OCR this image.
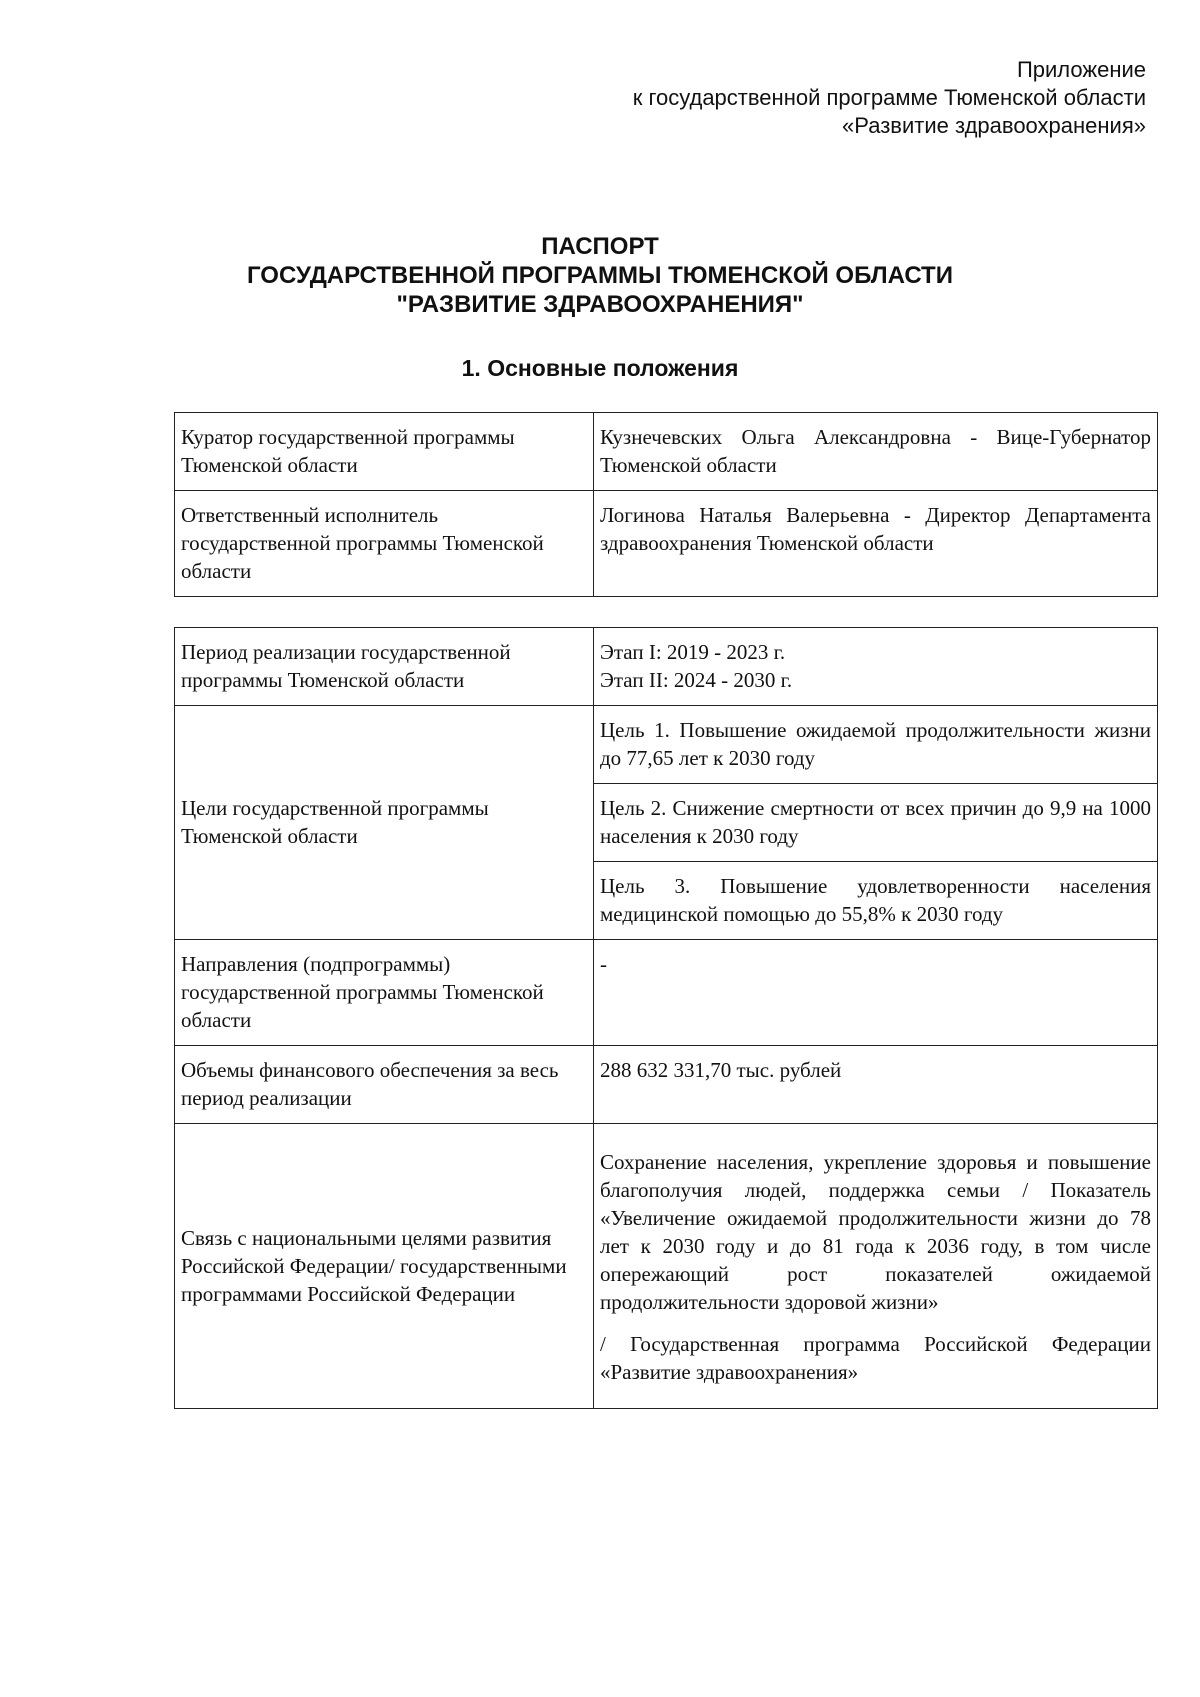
Приложение
к государственной программе Тюменской области
«Развитие здравоохранения»
ПАСПОРТ
ГОСУДАРСТВЕННОЙ ПРОГРАММЫ ТЮМЕНСКОЙ ОБЛАСТИ
"РАЗВИТИЕ ЗДРАВООХРАНЕНИЯ"
1. Основные положения
Куратор государственной программы Тюменской области	Кузнечевских Ольга Александровна - Вице-Губернатор Тюменской области
Ответственный исполнитель государственной программы Тюменской области	Логинова Наталья Валерьевна - Директор Департамента здравоохранения Тюменской области
Период реализации государственной программы Тюменской области	Этап I: 2019 - 2023 г.
Этап II: 2024 - 2030 г.

Цели государственной программы Тюменской области	Цель 1. Повышение ожидаемой продолжительности жизни до 77,65 лет к 2030 году
	Цель 2. Снижение смертности от всех причин до 9,9 на 1000 населения к 2030 году
	Цель 3. Повышение удовлетворенности населения медицинской помощью до 55,8% к 2030 году
Направления (подпрограммы) государственной программы Тюменской области	-
Объемы финансового обеспечения за весь период реализации	288 632 331,70 тыс. рублей
Связь с национальными целями развития Российской Федерации/ государственными программами Российской Федерации	Сохранение населения, укрепление здоровья и повышение благополучия людей, поддержка семьи / Показатель «Увеличение ожидаемой продолжительности жизни до 78 лет к 2030 году и до 81 года к 2036 году, в том числе опережающий рост показателей ожидаемой продолжительности здоровой жизни»
/ Государственная программа Российской Федерации «Развитие здравоохранения»
